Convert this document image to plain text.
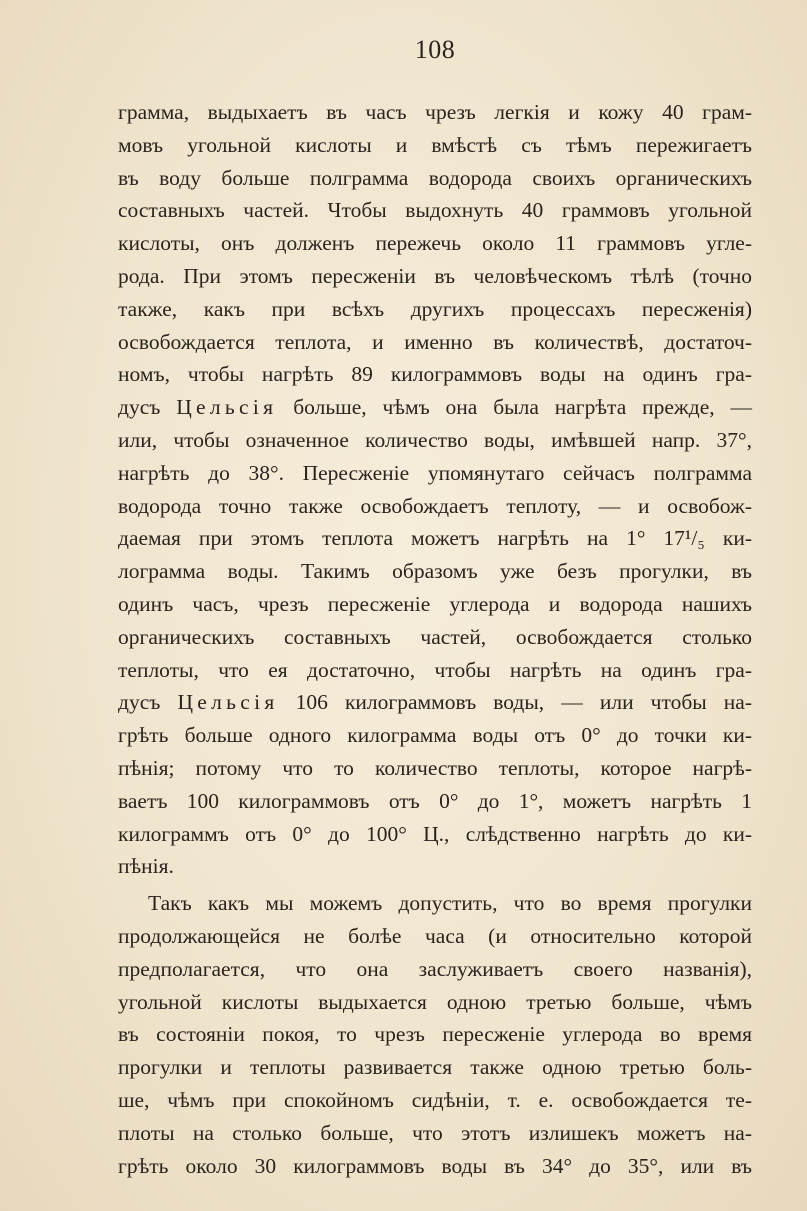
108
грамма, выдыхаетъ въ часъ чрезъ легкія и кожу 40 грам-
мовъ угольной кислоты и вмѣстѣ съ тѣмъ пережигаетъ
въ воду больше полграмма водорода своихъ органическихъ
составныхъ частей. Чтобы выдохнуть 40 граммовъ угольной
кислоты, онъ долженъ пережечь около 11 граммовъ угле-
рода. При этомъ пересженіи въ человѣческомъ тѣлѣ (точно
также, какъ при всѣхъ другихъ процессахъ пересженія)
освобождается теплота, и именно въ количествѣ, достаточ-
номъ, чтобы нагрѣть 89 килограммовъ воды на одинъ гра-
дусъ Цельсія больше, чѣмъ она была нагрѣта прежде, —
или, чтобы означенное количество воды, имѣвшей напр. 37°,
нагрѣть до 38°. Пересженіе упомянутаго сейчасъ полграмма
водорода точно также освобождаетъ теплоту, — и освобож-
даемая при этомъ теплота можетъ нагрѣть на 1° 17¹/₅ ки-
лограмма воды. Такимъ образомъ уже безъ прогулки, въ
одинъ часъ, чрезъ пересженіе углерода и водорода нашихъ
органическихъ составныхъ частей, освобождается столько
теплоты, что ея достаточно, чтобы нагрѣть на одинъ гра-
дусъ Цельсія 106 килограммовъ воды, — или чтобы на-
грѣть больше одного килограмма воды отъ 0° до точки ки-
пѣнія; потому что то количество теплоты, которое нагрѣ-
ваетъ 100 килограммовъ отъ 0° до 1°, можетъ нагрѣть 1
килограммъ отъ 0° до 100° Ц., слѣдственно нагрѣть до ки-
пѣнія.
Такъ какъ мы можемъ допустить, что во время прогулки
продолжающейся не болѣе часа (и относительно которой
предполагается, что она заслуживаетъ своего названія),
угольной кислоты выдыхается одною третью больше, чѣмъ
въ состояніи покоя, то чрезъ пересженіе углерода во время
прогулки и теплоты развивается также одною третью боль-
ше, чѣмъ при спокойномъ сидѣніи, т. е. освобождается те-
плоты на столько больше, что этотъ излишекъ можетъ на-
грѣть около 30 килограммовъ воды въ 34° до 35°, или въ
